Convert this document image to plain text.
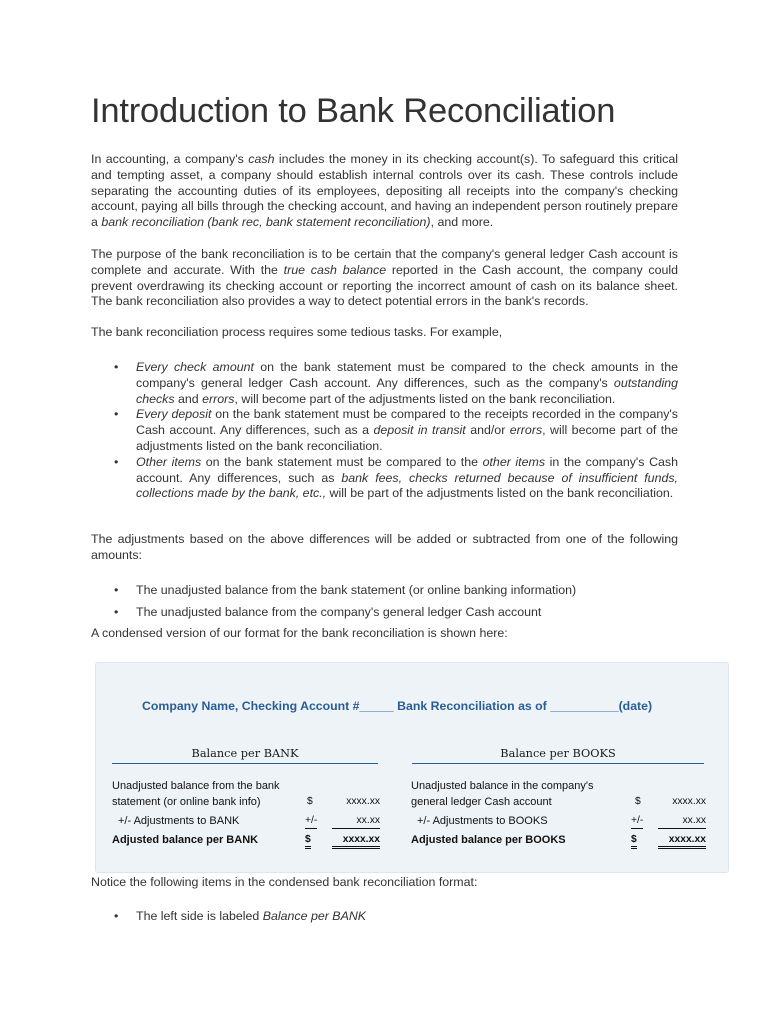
Introduction to Bank Reconciliation

In accounting, a company's cash includes the money in its checking account(s). To safeguard this critical and tempting asset, a company should establish internal controls over its cash. These controls include separating the accounting duties of its employees, depositing all receipts into the company's checking account, paying all bills through the checking account, and having an independent person routinely prepare a bank reconciliation (bank rec, bank statement reconciliation), and more.

The purpose of the bank reconciliation is to be certain that the company's general ledger Cash account is complete and accurate. With the true cash balance reported in the Cash account, the company could prevent overdrawing its checking account or reporting the incorrect amount of cash on its balance sheet. The bank reconciliation also provides a way to detect potential errors in the bank's records.

The bank reconciliation process requires some tedious tasks. For example,

• Every check amount on the bank statement must be compared to the check amounts in the company's general ledger Cash account. Any differences, such as the company's outstanding checks and errors, will become part of the adjustments listed on the bank reconciliation.
• Every deposit on the bank statement must be compared to the receipts recorded in the company's Cash account. Any differences, such as a deposit in transit and/or errors, will become part of the adjustments listed on the bank reconciliation.
• Other items on the bank statement must be compared to the other items in the company's Cash account. Any differences, such as bank fees, checks returned because of insufficient funds, collections made by the bank, etc., will be part of the adjustments listed on the bank reconciliation.

The adjustments based on the above differences will be added or subtracted from one of the following amounts:

• The unadjusted balance from the bank statement (or online banking information)
• The unadjusted balance from the company's general ledger Cash account

A condensed version of our format for the bank reconciliation is shown here:

Notice the following items in the condensed bank reconciliation format:

• The left side is labeled Balance per BANK
Company Name, Checking Account #_____ Bank Reconciliation as of __________(date)
Balance per BANK	Balance per BOOKS
Unadjusted balance from the bank
statement (or online bank info)	$	xxxx.xx
+/- Adjustments to BANK	+/-	xx.xx
Adjusted balance per BANK	$	xxxx.xx
Unadjusted balance in the company's
general ledger Cash account	$	xxxx.xx
+/- Adjustments to BOOKS	+/-	xx.xx
Adjusted balance per BOOKS	$	xxxx.xx
